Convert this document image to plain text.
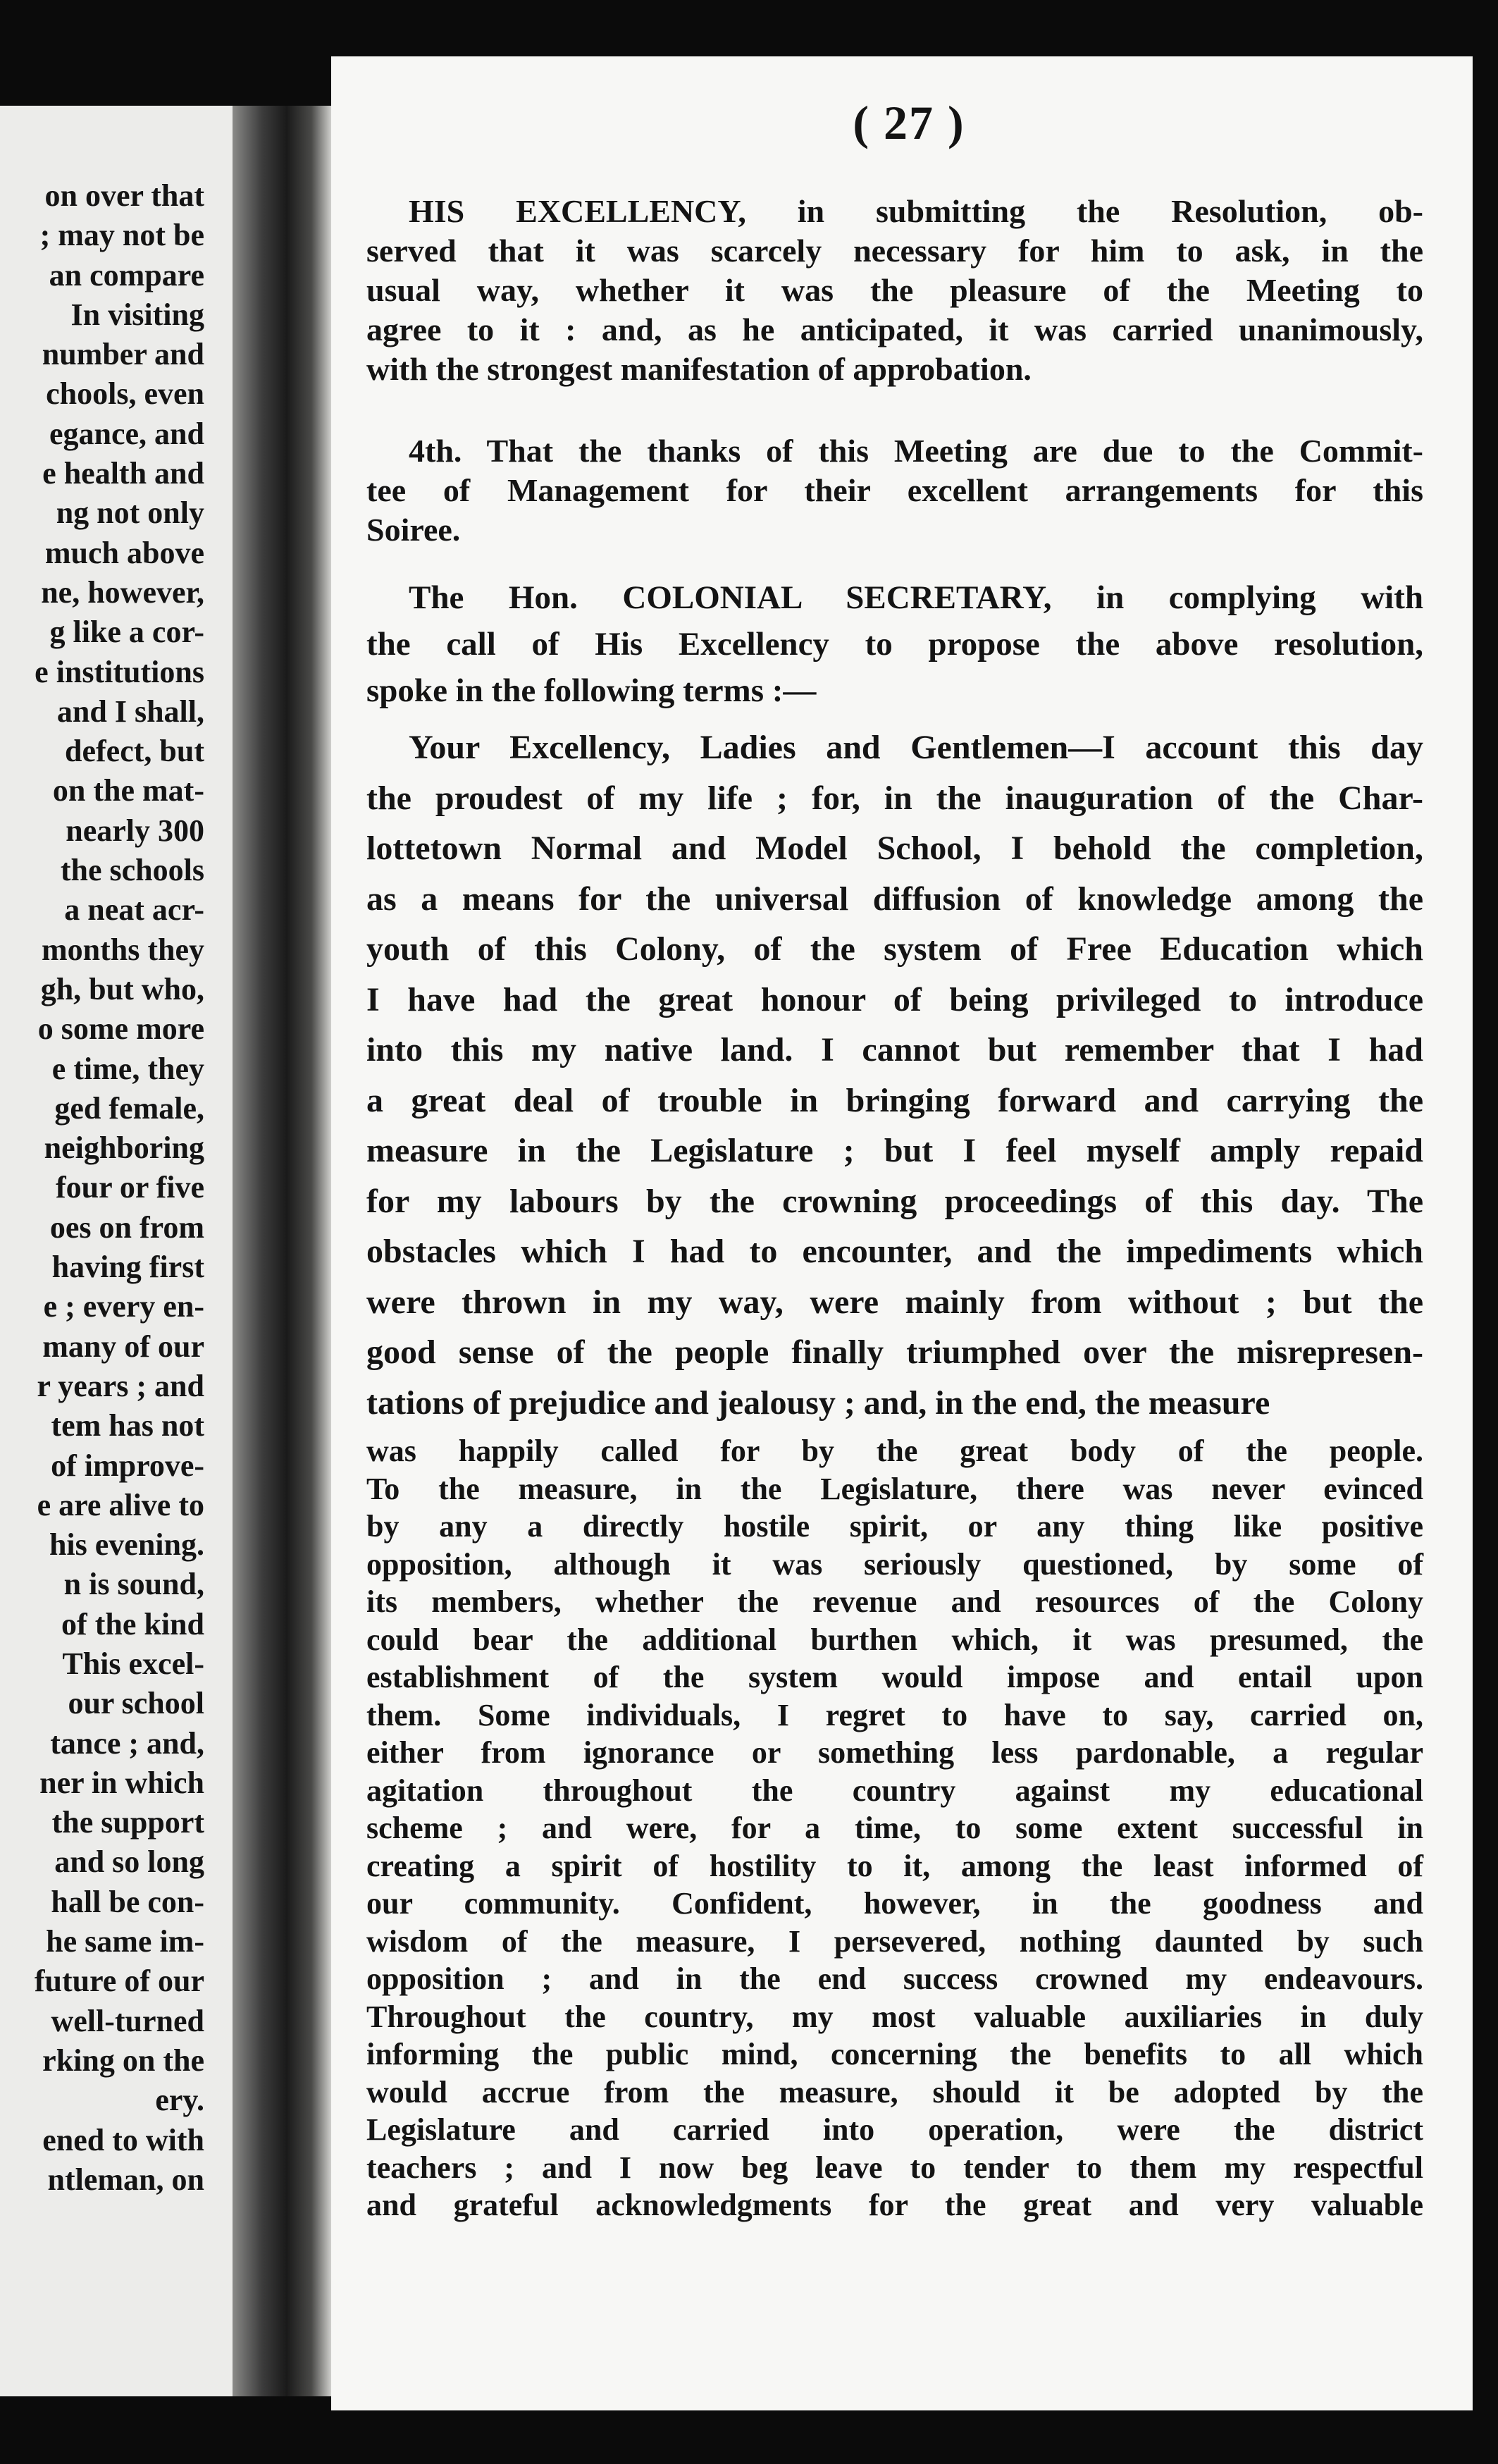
on over that
; may not be
an compare
In visiting
number and
chools, even
egance, and
e health and
ng not only
much above
ne, however,
g like a cor-
e institutions
and I shall,
defect, but
on the mat-
nearly 300
the schools
a neat acr-
months they
gh, but who,
o some more
e time, they
ged female,
neighboring
four or five
oes on from
having first
e ; every en-
many of our
r years ; and
tem has not
of improve-
e are alive to
his evening.
n is sound,
of the kind
This excel-
our school
tance ; and,
ner in which
the support
and so long
hall be con-
he same im-
future of our
well-turned
rking on the
ery.
ened to with
ntleman, on
( 27 )
HIS EXCELLENCY, in submitting the Resolution, ob-
served that it was scarcely necessary for him to ask, in the
usual way, whether it was the pleasure of the Meeting to
agree to it : and, as he anticipated, it was carried unanimously,
with the strongest manifestation of approbation.
4th. That the thanks of this Meeting are due to the Commit-
tee of Management for their excellent arrangements for this
Soiree.
The Hon. COLONIAL SECRETARY, in complying with
the call of His Excellency to propose the above resolution,
spoke in the following terms :—
Your Excellency, Ladies and Gentlemen—I account this day
the proudest of my life ; for, in the inauguration of the Char-
lottetown Normal and Model School, I behold the completion,
as a means for the universal diffusion of knowledge among the
youth of this Colony, of the system of Free Education which
I have had the great honour of being privileged to introduce
into this my native land. I cannot but remember that I had
a great deal of trouble in bringing forward and carrying the
measure in the Legislature ; but I feel myself amply repaid
for my labours by the crowning proceedings of this day. The
obstacles which I had to encounter, and the impediments which
were thrown in my way, were mainly from without ; but the
good sense of the people finally triumphed over the misrepresen-
tations of prejudice and jealousy ; and, in the end, the measure
was happily called for by the great body of the people.
To the measure, in the Legislature, there was never evinced
by any a directly hostile spirit, or any thing like positive
opposition, although it was seriously questioned, by some of
its members, whether the revenue and resources of the Colony
could bear the additional burthen which, it was presumed, the
establishment of the system would impose and entail upon
them. Some individuals, I regret to have to say, carried on,
either from ignorance or something less pardonable, a regular
agitation throughout the country against my educational
scheme ; and were, for a time, to some extent successful in
creating a spirit of hostility to it, among the least informed of
our community. Confident, however, in the goodness and
wisdom of the measure, I persevered, nothing daunted by such
opposition ; and in the end success crowned my endeavours.
Throughout the country, my most valuable auxiliaries in duly
informing the public mind, concerning the benefits to all which
would accrue from the measure, should it be adopted by the
Legislature and carried into operation, were the district
teachers ; and I now beg leave to tender to them my respectful
and grateful acknowledgments for the great and very valuable
